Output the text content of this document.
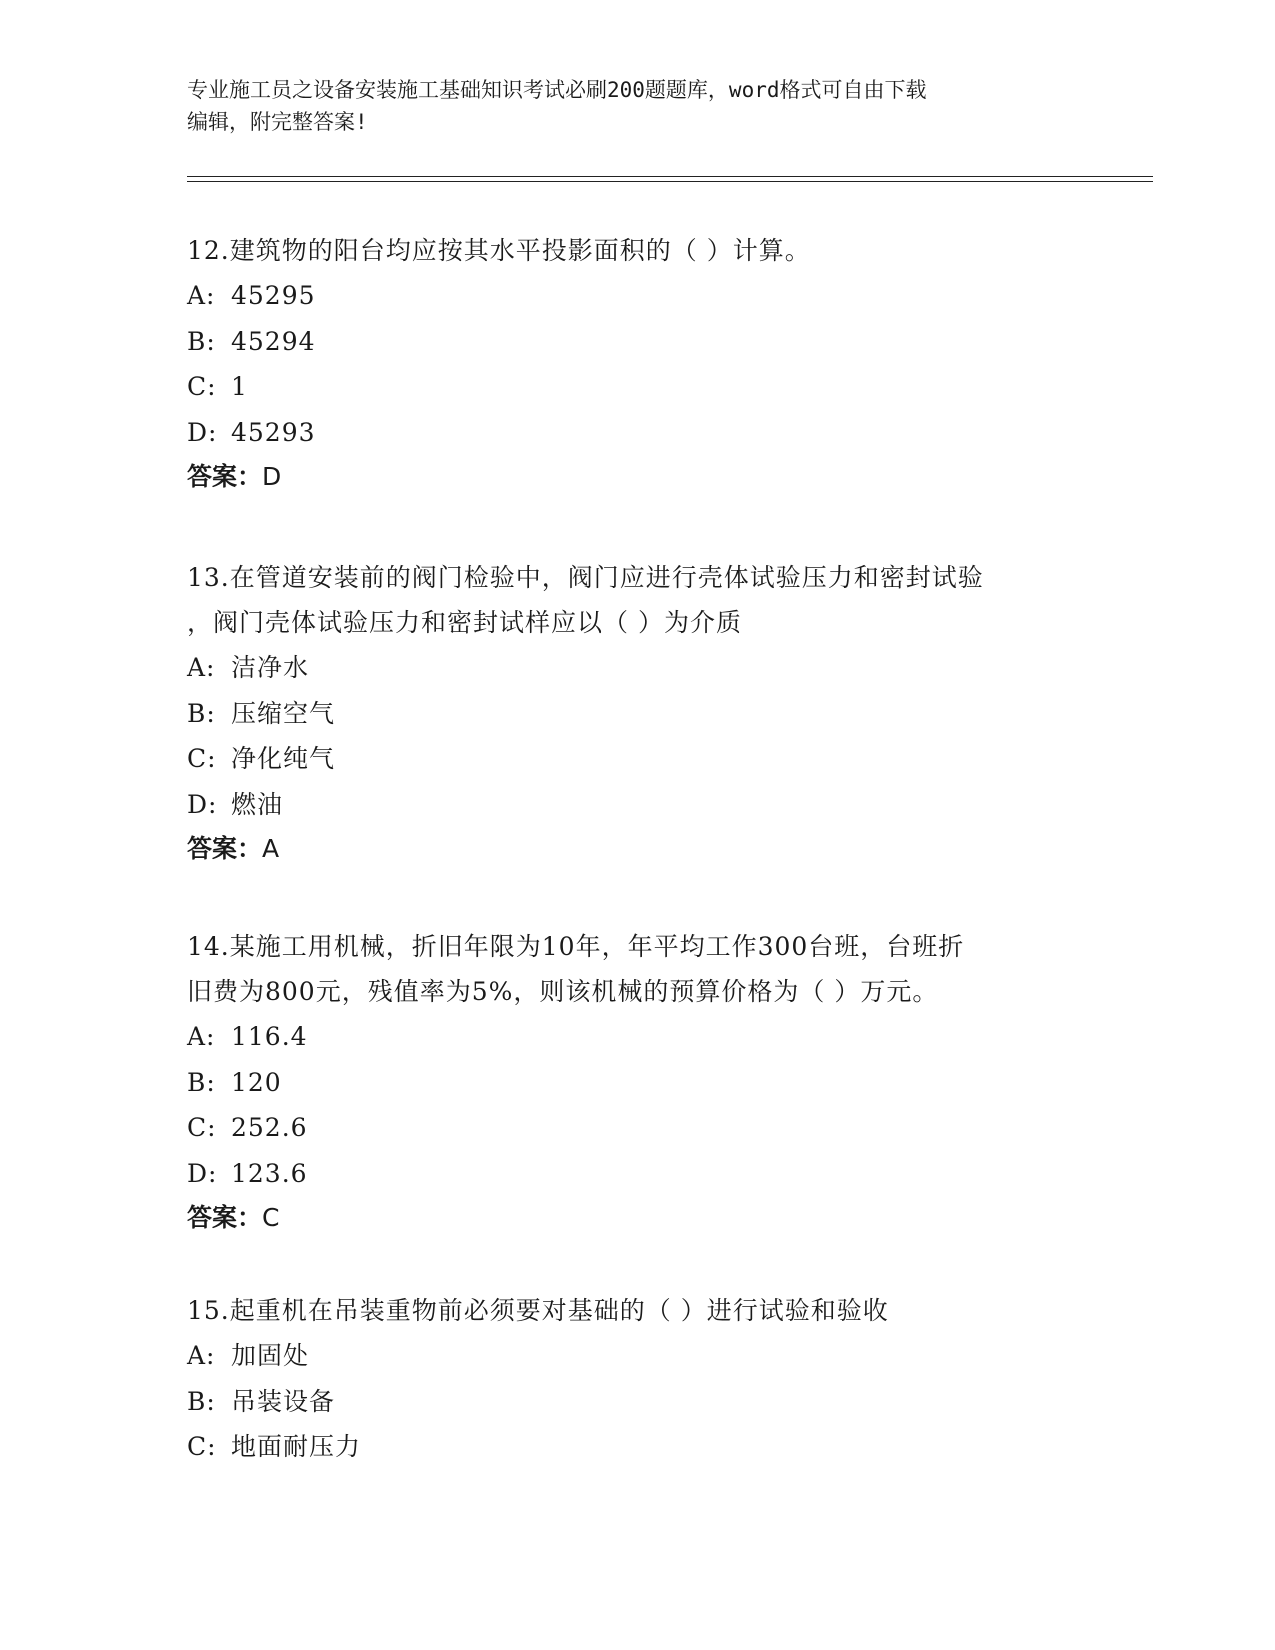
专业施工员之设备安装施工基础知识考试必刷200题题库，word格式可自由下载
编辑，附完整答案!

12.建筑物的阳台均应按其水平投影面积的（ ）计算。

A: 45295

B: 45294

C: 1

D: 45293

答案：D

13.在管道安装前的阀门检验中，阀门应进行壳体试验压力和密封试验

，阀门壳体试验压力和密封试样应以（ ）为介质

A: 洁净水

B: 压缩空气

C: 净化纯气

D: 燃油

答案：A

14.某施工用机械，折旧年限为10年，年平均工作300台班，台班折

旧费为800元，残值率为5%，则该机械的预算价格为（ ）万元。

A: 116.4

B: 120

C: 252.6

D: 123.6

答案：C

15.起重机在吊装重物前必须要对基础的（ ）进行试验和验收

A: 加固处

B: 吊装设备

C: 地面耐压力
